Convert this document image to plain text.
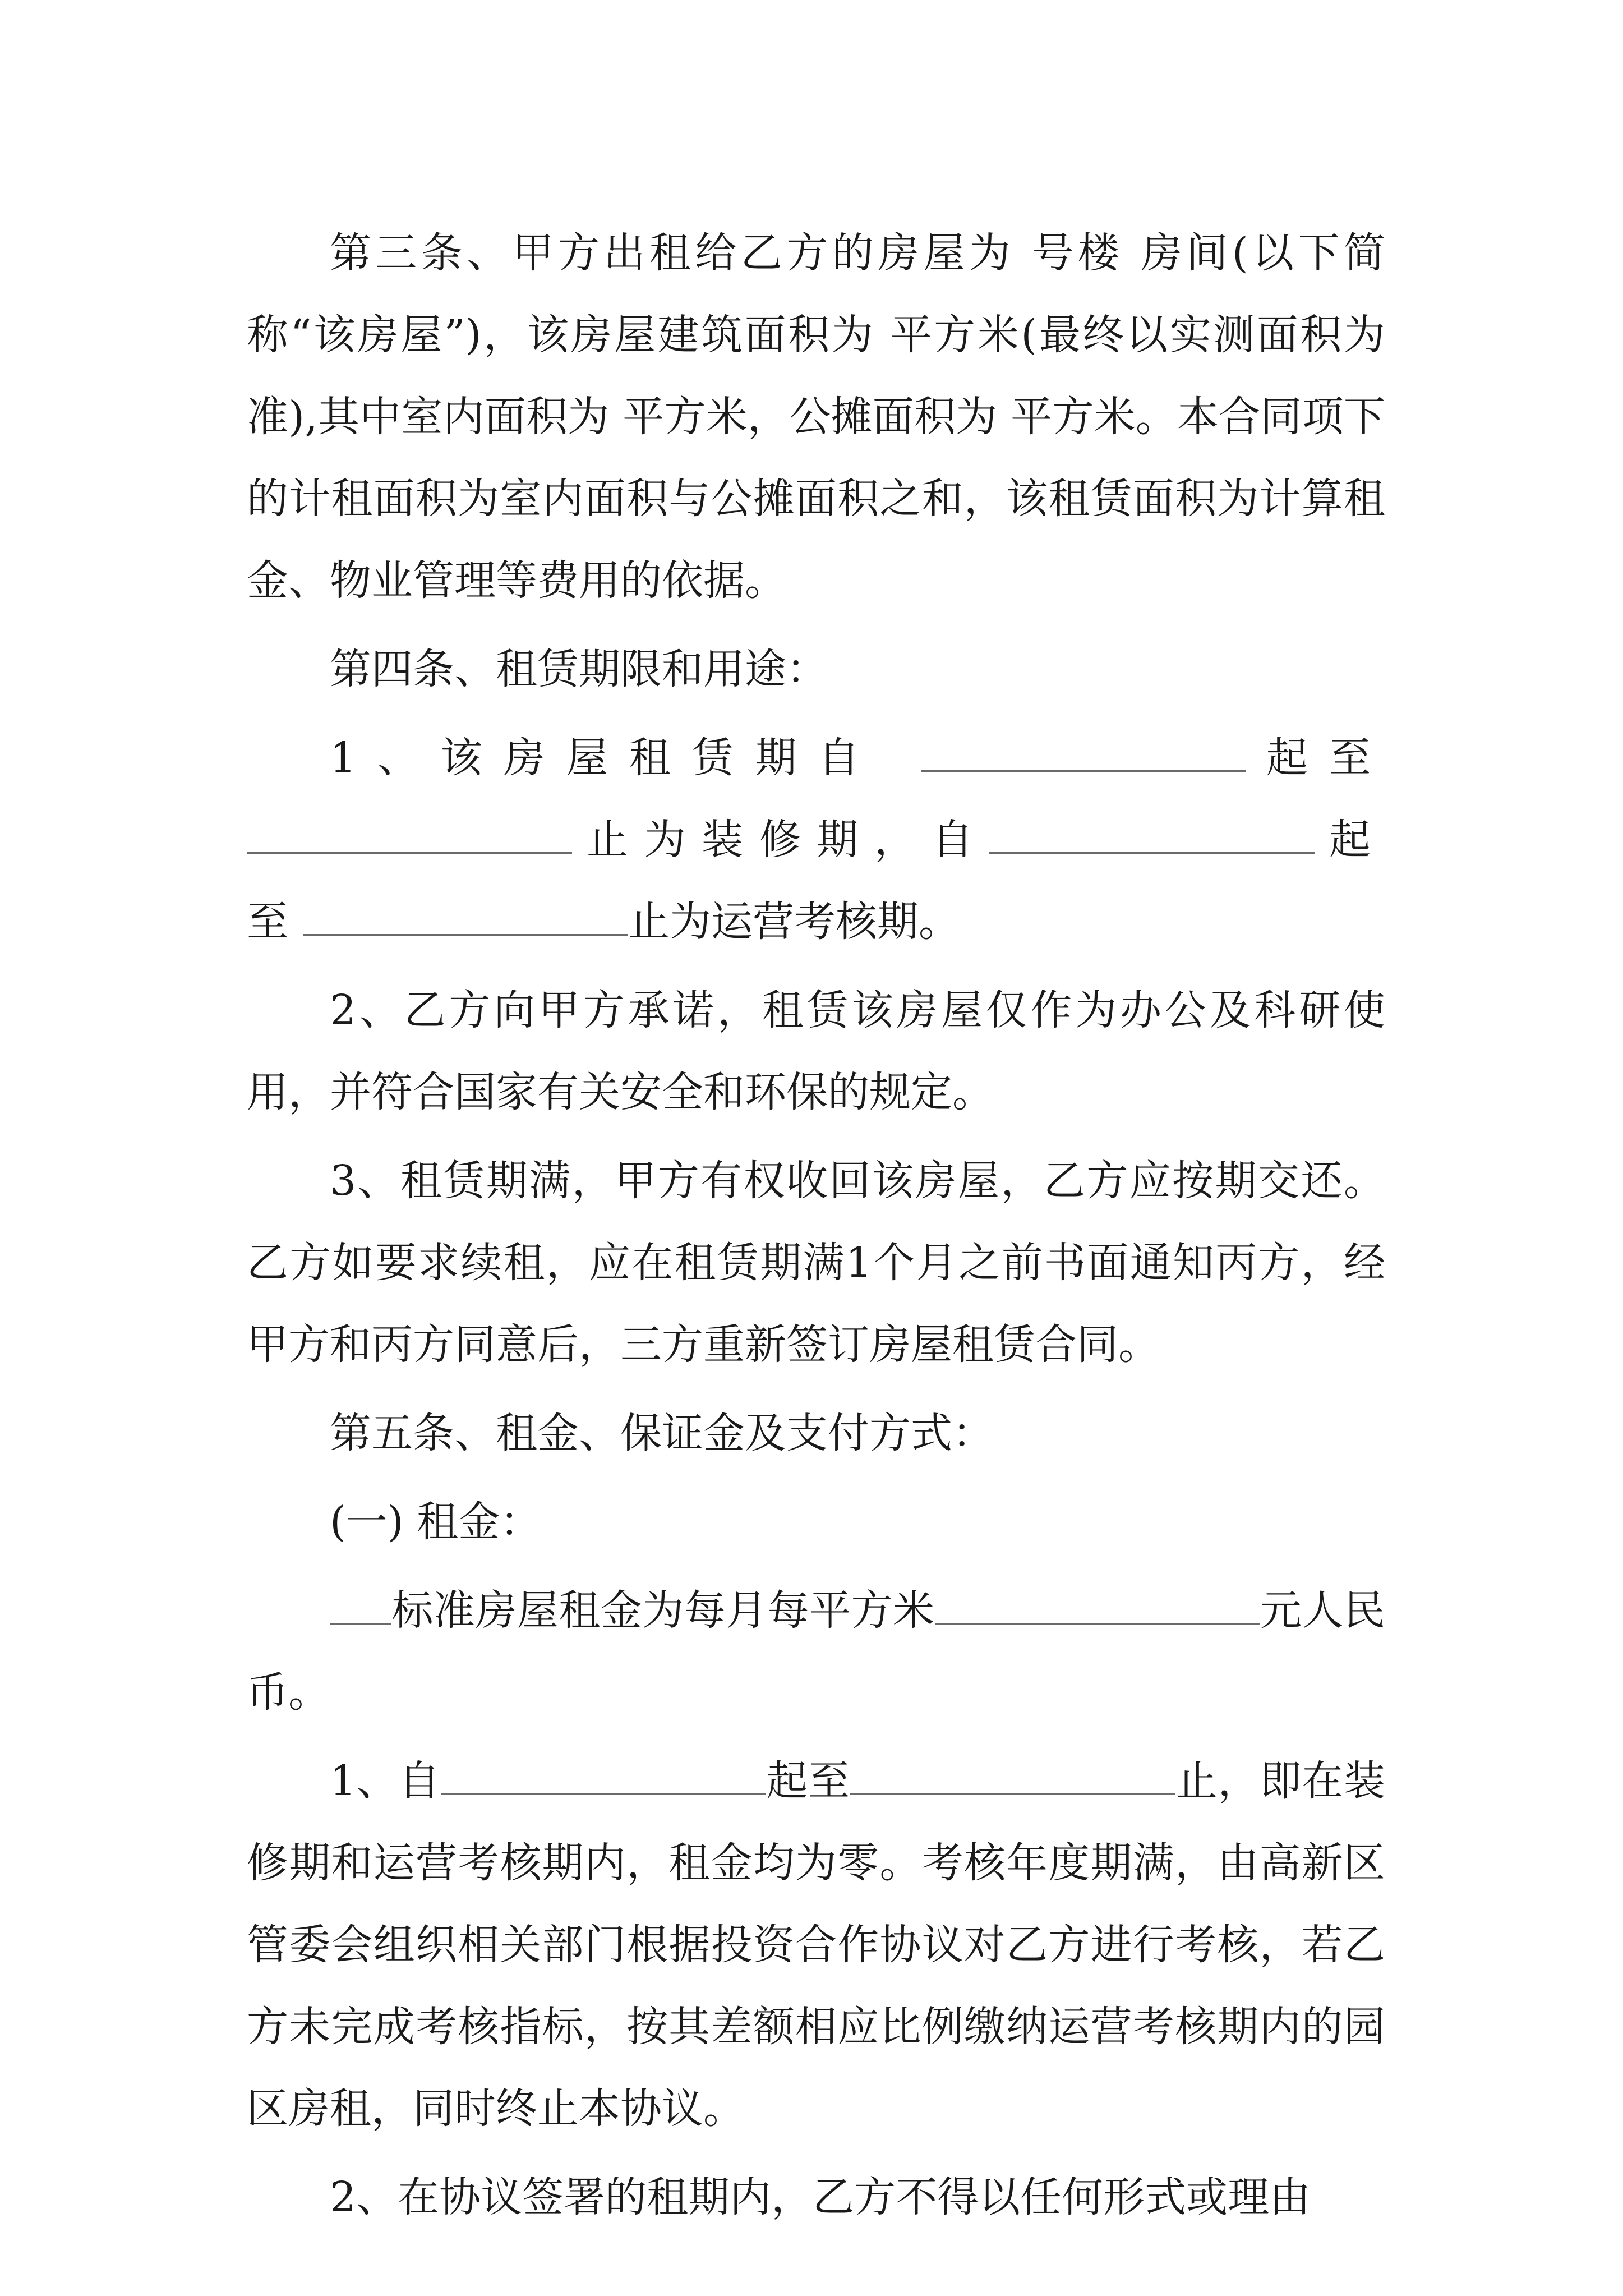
第三条、甲方出租给乙方的房屋为 号楼 房间(以下简称“该房屋”)，该房屋建筑面积为 平方米(最终以实测面积为准),其中室内面积为 平方米，公摊面积为 平方米。本合同项下的计租面积为室内面积与公摊面积之和，该租赁面积为计算租金、物业管理等费用的依据。

第四条、租赁期限和用途：

1、该房屋租赁期自	起至 止为装修期，自	起至	止为运营考核期。

2、乙方向甲方承诺，租赁该房屋仅作为办公及科研使用，并符合国家有关安全和环保的规定。

3、租赁期满，甲方有权收回该房屋，乙方应按期交还。乙方如要求续租，应在租赁期满1个月之前书面通知丙方，经甲方和丙方同意后，三方重新签订房屋租赁合同。

第五条、租金、保证金及支付方式：

(一) 租金：

标准房屋租金为每月每平方米	元人民币。

1、自	起至	止，即在装修期和运营考核期内，租金均为零。考核年度期满，由高新区管委会组织相关部门根据投资合作协议对乙方进行考核，若乙方未完成考核指标，按其差额相应比例缴纳运营考核期内的园区房租，同时终止本协议。

2、在协议签署的租期内，乙方不得以任何形式或理由
